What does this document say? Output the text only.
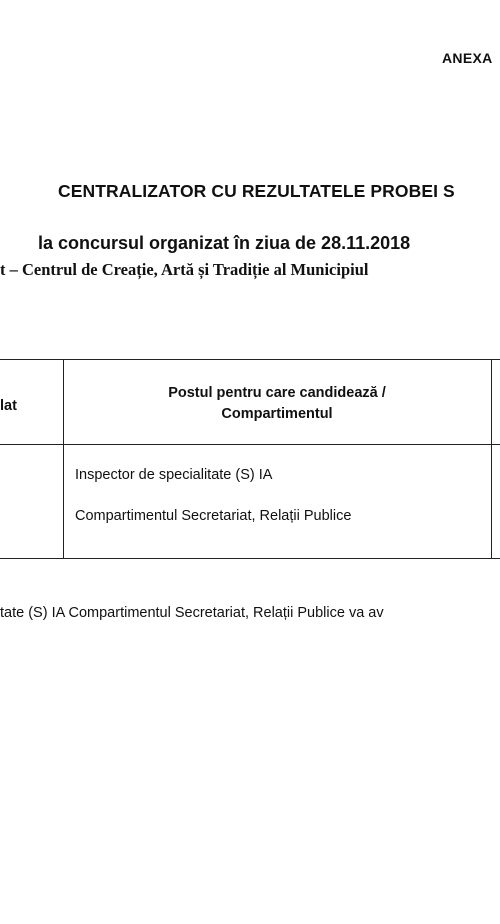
ANEXA
CENTRALIZATOR CU REZULTATELE PROBEI S
la concursul organizat în ziua de 28.11.2018
t – Centrul de Creație, Artă și Tradiție al Municipiul
lat
Postul pentru care candidează /
Compartimentul
Inspector de specialitate (S) IA
Compartimentul Secretariat, Relații Publice
tate (S) IA Compartimentul Secretariat, Relații Publice va av
